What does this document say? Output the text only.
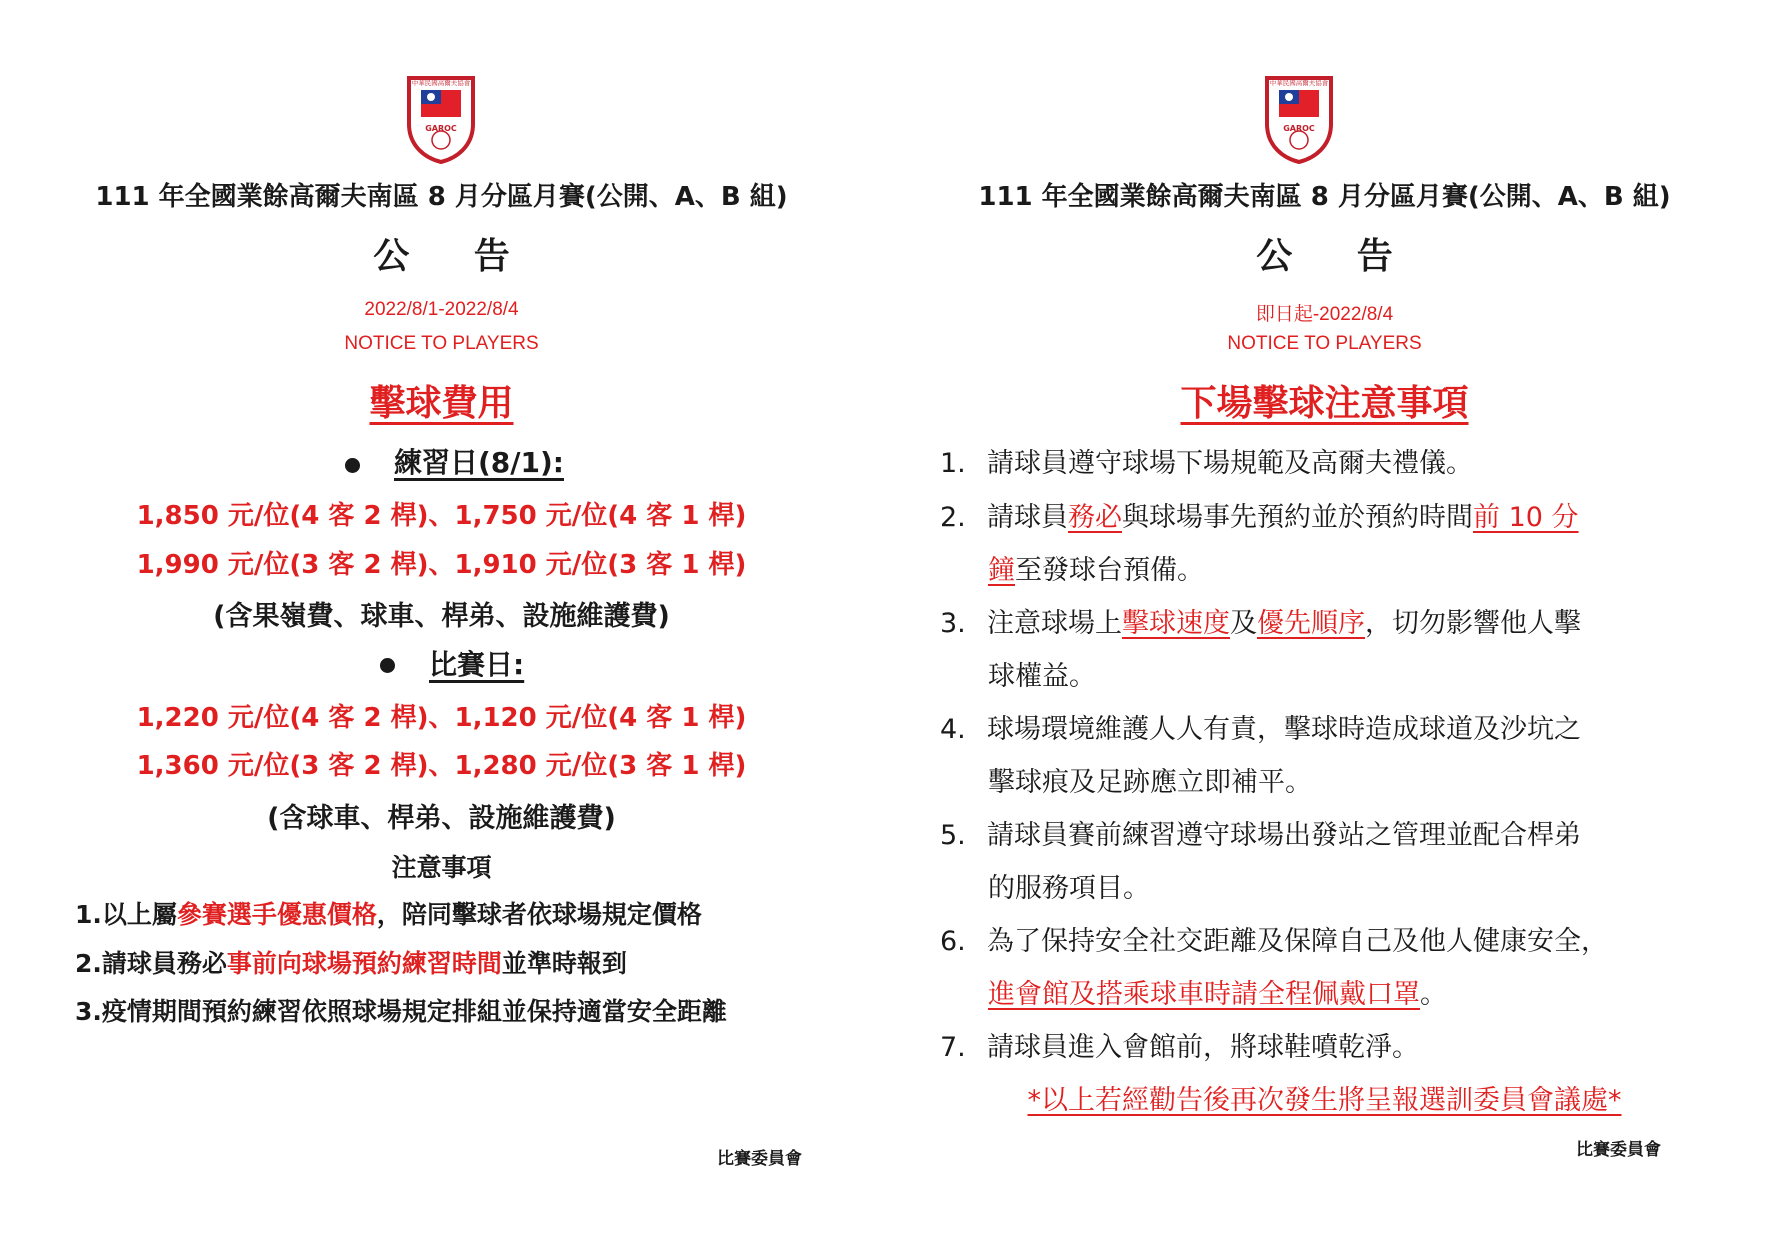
中華民國高爾夫協會
GAROC
111 年全國業餘高爾夫南區 8 月分區月賽(公開、A、B 組)
公 告
2022/8/1-2022/8/4
NOTICE TO PLAYERS
擊球費用
練習日(8/1):
1,850 元/位(4 客 2 桿)、1,750 元/位(4 客 1 桿)
1,990 元/位(3 客 2 桿)、1,910 元/位(3 客 1 桿)
(含果嶺費、球車、桿弟、設施維護費)
比賽日:
1,220 元/位(4 客 2 桿)、1,120 元/位(4 客 1 桿)
1,360 元/位(3 客 2 桿)、1,280 元/位(3 客 1 桿)
(含球車、桿弟、設施維護費)
注意事項
1.以上屬參賽選手優惠價格，陪同擊球者依球場規定價格
2.請球員務必事前向球場預約練習時間並準時報到
3.疫情期間預約練習依照球場規定排組並保持適當安全距離
比賽委員會
中華民國高爾夫協會
GAROC
111 年全國業餘高爾夫南區 8 月分區月賽(公開、A、B 組)
公 告
即日起-2022/8/4
NOTICE TO PLAYERS
下場擊球注意事項
1. 請球員遵守球場下場規範及高爾夫禮儀。
2. 請球員務必與球場事先預約並於預約時間前 10 分
鐘至發球台預備。
3. 注意球場上擊球速度及優先順序，切勿影響他人擊
球權益。
4. 球場環境維護人人有責，擊球時造成球道及沙坑之
擊球痕及足跡應立即補平。
5. 請球員賽前練習遵守球場出發站之管理並配合桿弟
的服務項目。
6. 為了保持安全社交距離及保障自己及他人健康安全，
進會館及搭乘球車時請全程佩戴口罩。
7. 請球員進入會館前，將球鞋噴乾淨。
*以上若經勸告後再次發生將呈報選訓委員會議處*
比賽委員會
